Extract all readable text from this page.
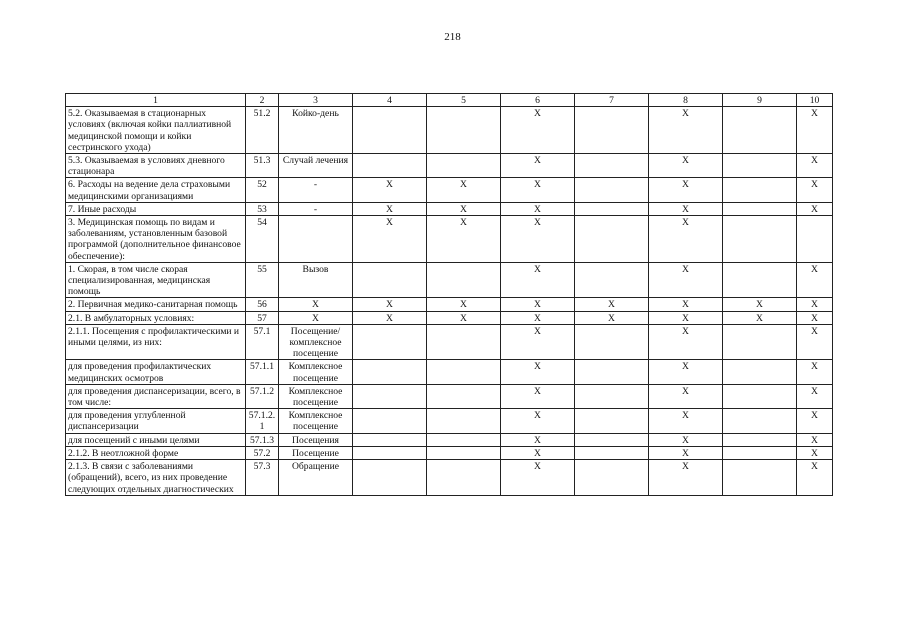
218
1	2	3	4	5	6	7	8	9	10
5.2. Оказываемая в стационарных условиях (включая койки паллиативной медицинской помощи и койки сестринского ухода)	51.2	Койко-день			Х		Х		Х
5.3. Оказываемая в условиях дневного стационара	51.3	Случай лечения			Х		Х		Х
6. Расходы на ведение дела страховыми медицинскими организациями	52	-	Х	Х	Х		Х		Х
7. Иные расходы	53	-	Х	Х	Х		Х		Х
3. Медицинская помощь по видам и заболеваниям, установленным базовой программой (дополнительное финансовое обеспечение):	54		Х	Х	Х		Х		
1. Скорая, в том числе скорая специализированная, медицинская помощь	55	Вызов			Х		Х		Х
2. Первичная медико-санитарная помощь	56	Х	Х	Х	Х	Х	Х	Х	Х
2.1. В амбулаторных условиях:	57	Х	Х	Х	Х	Х	Х	Х	Х
2.1.1. Посещения с профилактическими и иными целями, из них:	57.1	Посещение/ комплексное посещение			Х		Х		Х
для проведения профилактических медицинских осмотров	57.1.1	Комплексное посещение			Х		Х		Х
для проведения диспансеризации, всего, в том числе:	57.1.2	Комплексное посещение			Х		Х		Х
для проведения углубленной диспансеризации	57.1.2.1	Комплексное посещение			Х		Х		Х
для посещений с иными целями	57.1.3	Посещения			Х		Х		Х
2.1.2. В неотложной форме	57.2	Посещение			Х		Х		Х
2.1.3. В связи с заболеваниями (обращений), всего, из них проведение следующих отдельных диагностических	57.3	Обращение			Х		Х		Х
